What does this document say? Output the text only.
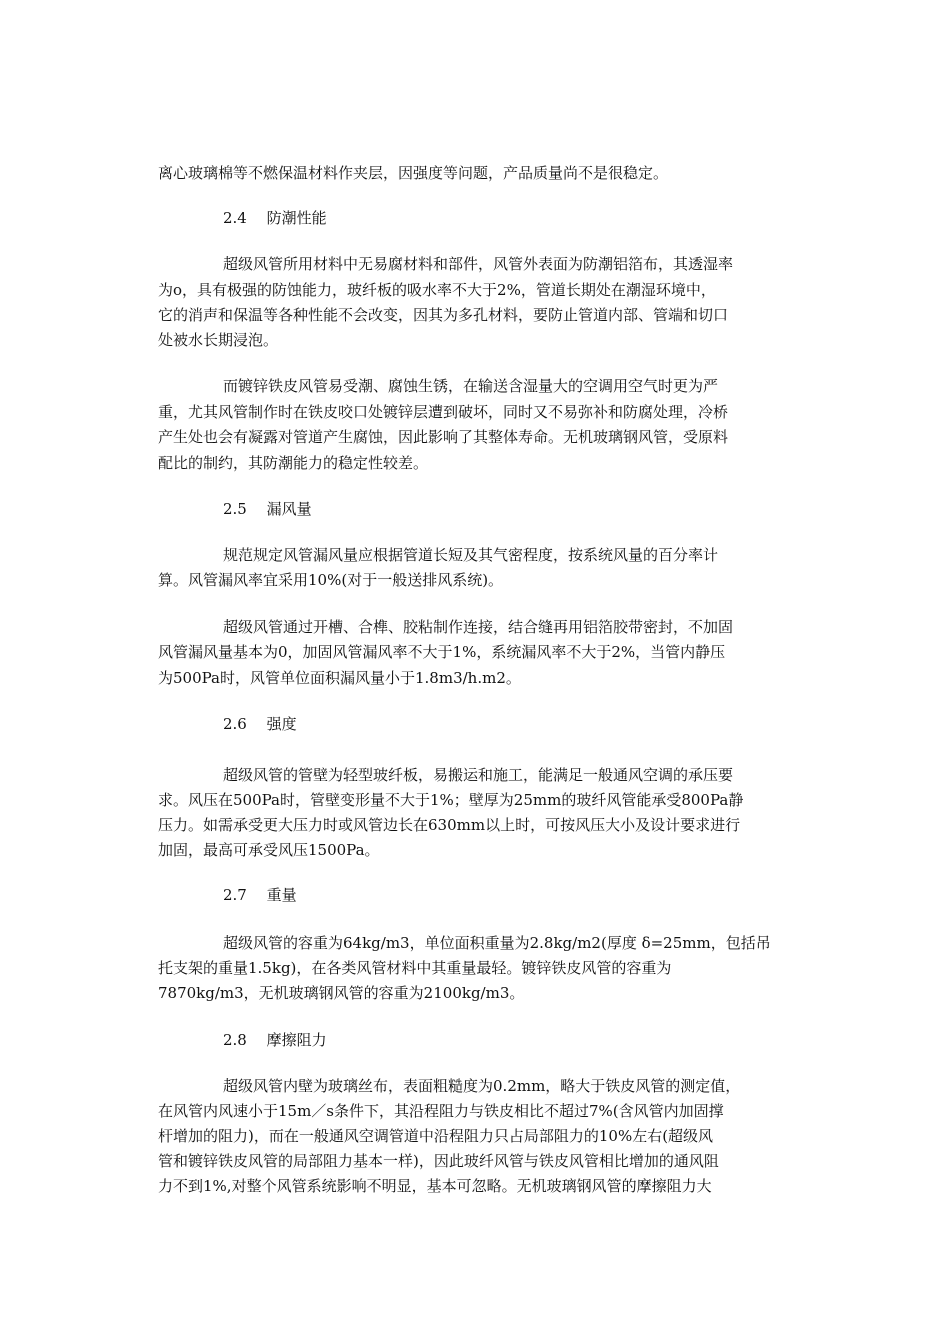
离心玻璃棉等不燃保温材料作夹层，因强度等问题，产品质量尚不是很稳定。
2.4　 防潮性能
超级风管所用材料中无易腐材料和部件，风管外表面为防潮铝箔布，其透湿率
为ο，具有极强的防蚀能力，玻纤板的吸水率不大于2%，管道长期处在潮湿环境中，
它的消声和保温等各种性能不会改变，因其为多孔材料，要防止管道内部、管端和切口
处被水长期浸泡。
而镀锌铁皮风管易受潮、腐蚀生锈，在输送含湿量大的空调用空气时更为严
重，尤其风管制作时在铁皮咬口处镀锌层遭到破坏，同时又不易弥补和防腐处理，冷桥
产生处也会有凝露对管道产生腐蚀，因此影响了其整体寿命。无机玻璃钢风管，受原料
配比的制约，其防潮能力的稳定性较差。
2.5　 漏风量
规范规定风管漏风量应根据管道长短及其气密程度，按系统风量的百分率计
算。风管漏风率宜采用10%(对于一般送排风系统)。
超级风管通过开槽、合榫、胶粘制作连接，结合缝再用铝箔胶带密封，不加固
风管漏风量基本为0，加固风管漏风率不大于1%，系统漏风率不大于2%，当管内静压
为500Pa时，风管单位面积漏风量小于1.8m3/h.m2。
2.6　 强度
超级风管的管壁为轻型玻纤板，易搬运和施工，能满足一般通风空调的承压要
求。风压在500Pa时，管壁变形量不大于1%；壁厚为25mm的玻纤风管能承受800Pa静
压力。如需承受更大压力时或风管边长在630mm以上时，可按风压大小及设计要求进行
加固，最高可承受风压1500Pa。
2.7　 重量
超级风管的容重为64kg/m3，单位面积重量为2.8kg/m2(厚度 δ=25mm，包括吊
托支架的重量1.5kg)，在各类风管材料中其重量最轻。镀锌铁皮风管的容重为
7870kg/m3，无机玻璃钢风管的容重为2100kg/m3。
2.8　 摩擦阻力
超级风管内壁为玻璃丝布，表面粗糙度为0.2mm，略大于铁皮风管的测定值，
在风管内风速小于15m／s条件下，其沿程阻力与铁皮相比不超过7%(含风管内加固撑
杆增加的阻力)，而在一般通风空调管道中沿程阻力只占局部阻力的10%左右(超级风
管和镀锌铁皮风管的局部阻力基本一样)，因此玻纤风管与铁皮风管相比增加的通风阻
力不到1%,对整个风管系统影响不明显，基本可忽略。无机玻璃钢风管的摩擦阻力大
